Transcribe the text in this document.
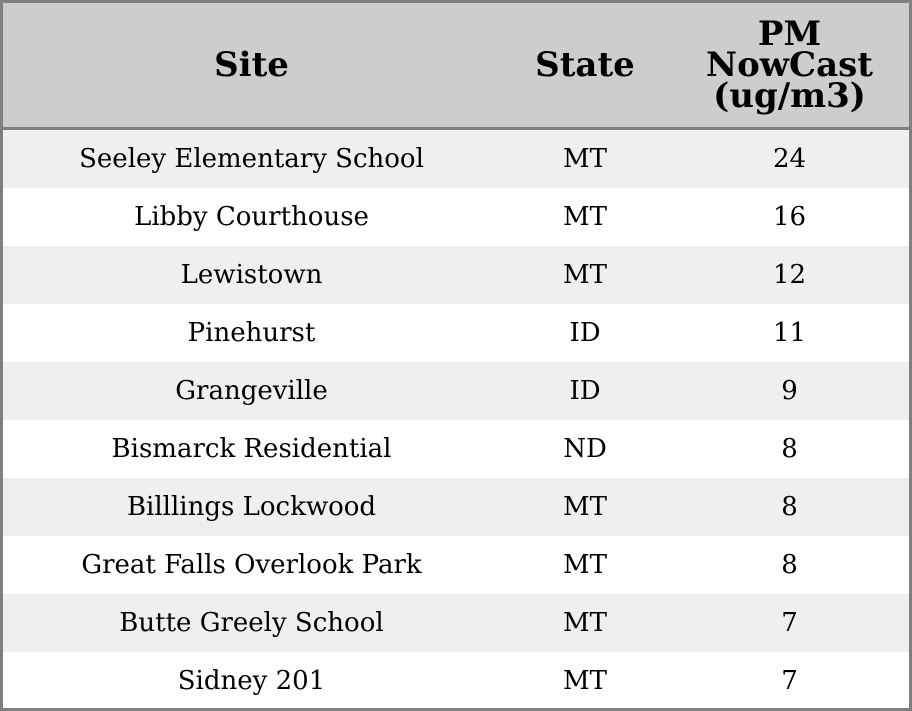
Site	State	PM
NowCast
(ug/m3)
Seeley Elementary School	MT	24
Libby Courthouse	MT	16
Lewistown	MT	12
Pinehurst	ID	11
Grangeville	ID	9
Bismarck Residential	ND	8
Billlings Lockwood	MT	8
Great Falls Overlook Park	MT	8
Butte Greely School	MT	7
Sidney 201	MT	7
